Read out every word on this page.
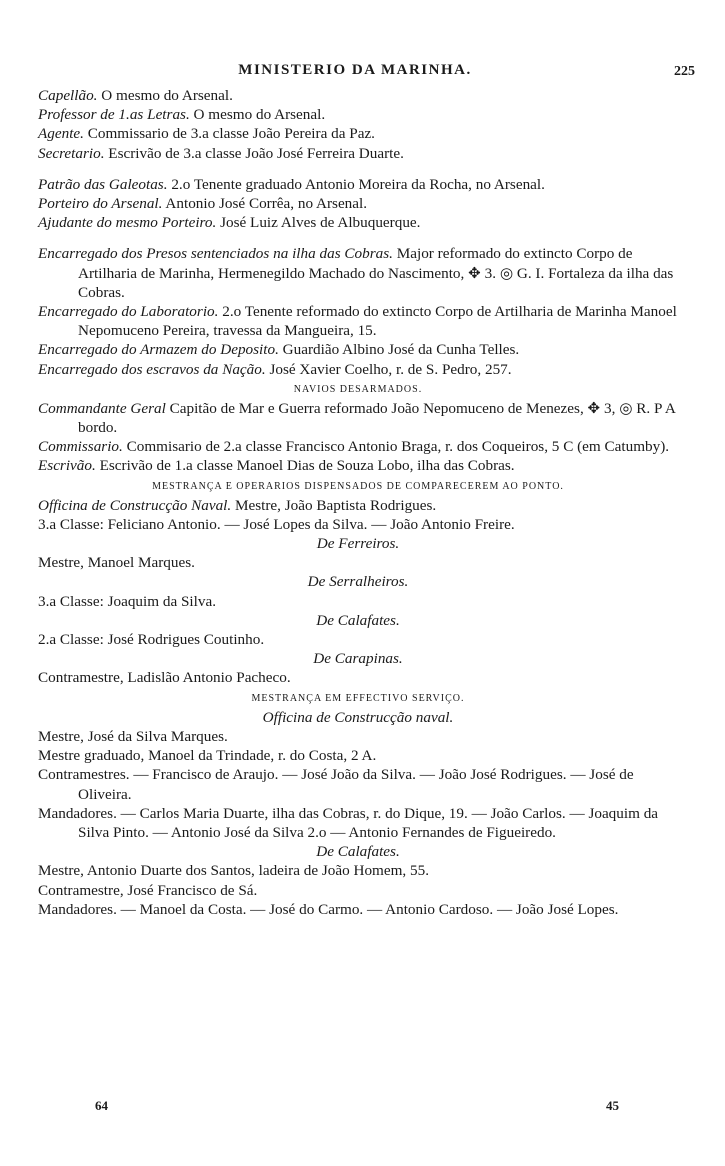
MINISTERIO DA MARINHA.	225

Capellão. O mesmo do Arsenal.

Professor de 1.as Letras. O mesmo do Arsenal.

Agente. Commissario de 3.a classe João Pereira da Paz.

Secretario. Escrivão de 3.a classe João José Ferreira Duarte.

Patrão das Galeotas. 2.o Tenente graduado Antonio Moreira da Rocha, no Arsenal.

Porteiro do Arsenal. Antonio José Corrêa, no Arsenal.

Ajudante do mesmo Porteiro. José Luiz Alves de Albuquerque.

Encarregado dos Presos sentenciados na ilha das Cobras. Major reformado do extincto Corpo de Artilharia de Marinha, Hermenegildo Machado do Nascimento, ✥ 3. ◎ G. I. Fortaleza da ilha das Cobras.

Encarregado do Laboratorio. 2.o Tenente reformado do extincto Corpo de Artilharia de Marinha Manoel Nepomuceno Pereira, travessa da Mangueira, 15.

Encarregado do Armazem do Deposito. Guardião Albino José da Cunha Telles.

Encarregado dos escravos da Nação. José Xavier Coelho, r. de S. Pedro, 257.

NAVIOS DESARMADOS.

Commandante Geral Capitão de Mar e Guerra reformado João Nepomuceno de Menezes, ✥ 3, ◎ R. P A bordo.

Commissario. Commisario de 2.a classe Francisco Antonio Braga, r. dos Coqueiros, 5 C (em Catumby).

Escrivão. Escrivão de 1.a classe Manoel Dias de Souza Lobo, ilha das Cobras.

MESTRANÇA E OPERARIOS DISPENSADOS DE COMPARECEREM AO PONTO.

Officina de Construcção Naval. Mestre, João Baptista Rodrigues.

3.a Classe: Feliciano Antonio. — José Lopes da Silva. — João Antonio Freire.

De Ferreiros.

Mestre, Manoel Marques.

De Serralheiros.

3.a Classe: Joaquim da Silva.

De Calafates.

2.a Classe: José Rodrigues Coutinho.

De Carapinas.

Contramestre, Ladislão Antonio Pacheco.

MESTRANÇA EM EFFECTIVO SERVIÇO.

Officina de Construcção naval.

Mestre, José da Silva Marques.

Mestre graduado, Manoel da Trindade, r. do Costa, 2 A.

Contramestres. — Francisco de Araujo. — José João da Silva. — João José Rodrigues. — José de Oliveira.

Mandadores. — Carlos Maria Duarte, ilha das Cobras, r. do Dique, 19. — João Carlos. — Joaquim da Silva Pinto. — Antonio José da Silva 2.o — Antonio Fernandes de Figueiredo.

De Calafates.

Mestre, Antonio Duarte dos Santos, ladeira de João Homem, 55.

Contramestre, José Francisco de Sá.

Mandadores. — Manoel da Costa. — José do Carmo. — Antonio Cardoso. — João José Lopes.

64	45
